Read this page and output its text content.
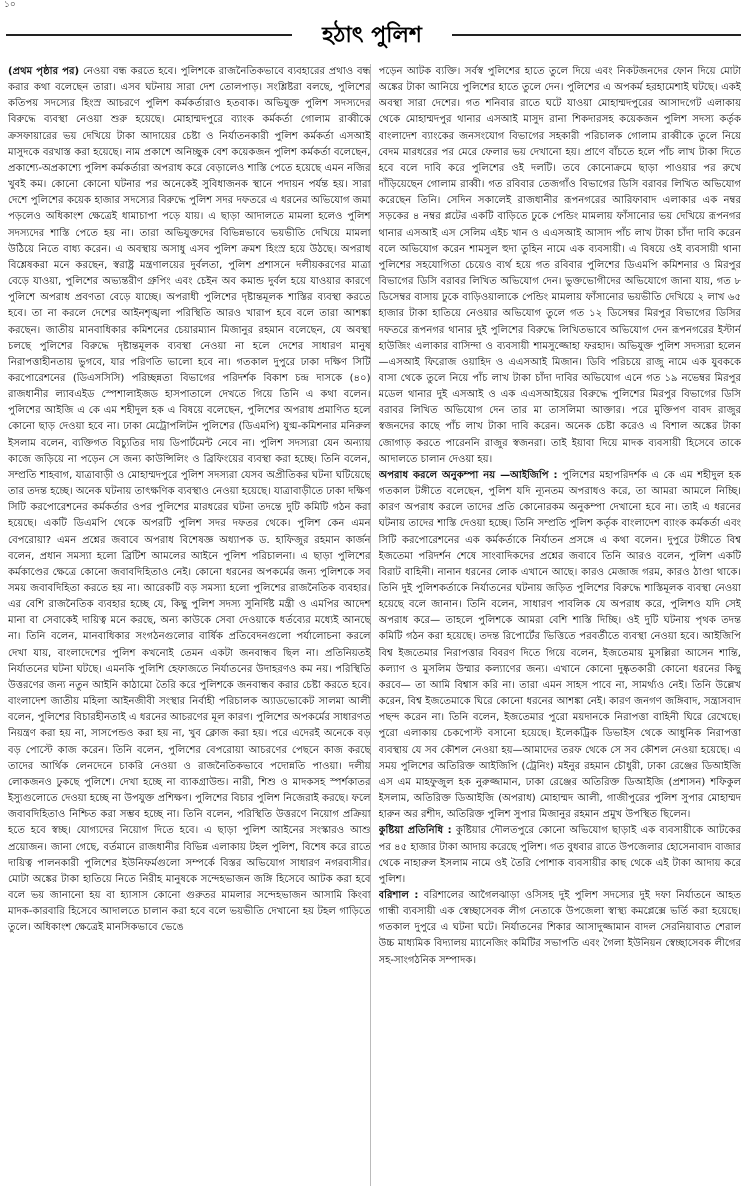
১০
হঠাৎ পুলিশ

(প্রথম পৃষ্ঠার পর) নেওয়া বন্ধ করতে হবে। পুলিশকে রাজনৈতিকভাবে ব্যবহারের প্রথাও বন্ধ করার কথা বলেছেন তারা। এসব ঘটনায় সারা দেশ তোলপাড়। সংশ্লিষ্টরা বলছে, পুলিশের কতিপয় সদস্যের হিংস্র আচরণে পুলিশ কর্মকর্তারাও হতবাক। অভিযুক্ত পুলিশ সদস্যদের বিরুদ্ধে ব্যবস্থা নেওয়া শুরু হয়েছে। মোহাম্মদপুরে ব্যাংক কর্মকর্তা গোলাম রাব্বীকে ক্রসফায়ারের ভয় দেখিয়ে টাকা আদায়ের চেষ্টা ও নির্যাতনকারী পুলিশ কর্মকর্তা এসআই মাসুদকে বরখাস্ত করা হয়েছে। নাম প্রকাশে অনিচ্ছুক বেশ কয়েকজন পুলিশ কর্মকর্তা বলেছেন, প্রকাশ্যে-অপ্রকাশ্যে পুলিশ কর্মকর্তারা অপরাধ করে বেড়ালেও শাস্তি পেতে হয়েছে এমন নজির খুবই কম। কোনো কোনো ঘটনার পর অনেকেই সুবিধাজনক স্থানে পদায়ন পর্যন্ত হয়। সারা দেশে পুলিশের কয়েক হাজার সদস্যের বিরুদ্ধে পুলিশ সদর দফতরে এ ধরনের অভিযোগ জমা পড়লেও অধিকাংশ ক্ষেত্রেই ধামাচাপা পড়ে যায়। এ ছাড়া আদালতে মামলা হলেও পুলিশ সদস্যদের শাস্তি পেতে হয় না। তারা অভিযুক্তদের বিভিন্নভাবে ভয়ভীতি দেখিয়ে মামলা উঠিয়ে নিতে বাধ্য করেন। এ অবস্থায় অসাধু এসব পুলিশ ক্রমশ হিংস্র হয়ে উঠছে। অপরাধ বিশ্লেষকরা মনে করছেন, স্বরাষ্ট্র মন্ত্রণালয়ের দুর্বলতা, পুলিশ প্রশাসনে দলীয়করণের মাত্রা বেড়ে যাওয়া, পুলিশের অভ্যন্তরীণ গ্রুপিং এবং চেইন অব কমান্ড দুর্বল হয়ে যাওয়ার কারণে পুলিশে অপরাধ প্রবণতা বেড়ে যাচ্ছে। অপরাধী পুলিশের দৃষ্টান্তমূলক শাস্তির ব্যবস্থা করতে হবে। তা না করলে দেশের আইনশৃঙ্খলা পরিস্থিতি আরও খারাপ হবে বলে তারা আশঙ্কা করছেন। জাতীয় মানবাধিকার কমিশনের চেয়ারম্যান মিজানুর রহমান বলেছেন, যে অবস্থা চলছে পুলিশের বিরুদ্ধে দৃষ্টান্তমূলক ব্যবস্থা নেওয়া না হলে দেশের সাধারণ মানুষ নিরাপত্তাহীনতায় ভুগবে, যার পরিণতি ভালো হবে না। গতকাল দুপুরে ঢাকা দক্ষিণ সিটি করপোরেশনের (ডিএসসিসি) পরিচ্ছন্নতা বিভাগের পরিদর্শক বিকাশ চন্দ্র দাসকে (৪০) রাজধানীর ল্যাবএইড স্পেশালাইজড হাসপাতালে দেখতে গিয়ে তিনি এ কথা বলেন। পুলিশের আইজি এ কে এম শহীদুল হক এ বিষয়ে বলেছেন, পুলিশের অপরাধ প্রমাণিত হলে কোনো ছাড় দেওয়া হবে না। ঢাকা মেট্রোপলিটন পুলিশের (ডিএমপি) যুগ্ম-কমিশনার মনিরুল ইসলাম বলেন, ব্যক্তিগত বিচ্যুতির দায় ডিপার্টমেন্ট নেবে না। পুলিশ সদস্যরা যেন অন্যায় কাজে জড়িয়ে না পড়েন সে জন্য কাউন্সিলিং ও ব্রিফিংয়ের ব্যবস্থা করা হচ্ছে। তিনি বলেন, সম্প্রতি শাহবাগ, যাত্রাবাড়ী ও মোহাম্মদপুরে পুলিশ সদস্যরা যেসব অপ্রীতিকর ঘটনা ঘটিয়েছে তার তদন্ত হচ্ছে। অনেক ঘটনায় তাৎক্ষণিক ব্যবস্থাও নেওয়া হয়েছে। যাত্রাবাড়ীতে ঢাকা দক্ষিণ সিটি করপোরেশনের কর্মকর্তার ওপর পুলিশের মারধরের ঘটনা তদন্তে দুটি কমিটি গঠন করা হয়েছে। একটি ডিএমপি থেকে অপরটি পুলিশ সদর দফতর থেকে। পুলিশ কেন এমন বেপরোয়া? এমন প্রশ্নের জবাবে অপরাধ বিশেষজ্ঞ অধ্যাপক ড. হাফিজুর রহমান কার্জন বলেন, প্রধান সমস্যা হলো ব্রিটিশ আমলের আইনে পুলিশ পরিচালনা। এ ছাড়া পুলিশের কর্মকাণ্ডের ক্ষেত্রে কোনো জবাবদিহিতাও নেই। কোনো ধরনের অপকর্মের জন্য পুলিশকে সব সময় জবাবদিহিতা করতে হয় না। আরেকটি বড় সমস্যা হলো পুলিশের রাজনৈতিক ব্যবহার। এর বেশি রাজনৈতিক ব্যবহার হচ্ছে যে, কিছু পুলিশ সদস্য সুনির্দিষ্ট মন্ত্রী ও এমপির আদেশ মানা বা সেবাকেই দায়িত্ব মনে করছে, অন্য কাউকে সেবা দেওয়াকে ধর্তব্যের মধ্যেই আনছে না। তিনি বলেন, মানবাধিকার সংগঠনগুলোর বার্ষিক প্রতিবেদনগুলো পর্যালোচনা করলে দেখা যায়, বাংলাদেশের পুলিশ কখনোই তেমন একটা জনবান্ধব ছিল না। প্রতিনিয়তই নির্যাতনের ঘটনা ঘটছে। এমনকি পুলিশি হেফাজতে নির্যাতনের উদাহরণও কম নয়। পরিস্থিতি উত্তরণের জন্য নতুন আইনি কাঠামো তৈরি করে পুলিশকে জনবান্ধব করার চেষ্টা করতে হবে। বাংলাদেশ জাতীয় মহিলা আইনজীবী সংস্থার নির্বাহী পরিচালক অ্যাডভোকেট সালমা আলী বলেন, পুলিশের বিচারহীনতাই এ ধরনের আচরণের মূল কারণ। পুলিশের অপকর্মের সাধারণত নিয়ন্ত্রণ করা হয় না, সাসপেন্ডও করা হয় না, খুব ক্লোজ করা হয়। পরে এদেরই অনেকে বড় বড় পোস্টে কাজ করেন। তিনি বলেন, পুলিশের বেপরোয়া আচরণের পেছনে কাজ করছে তাদের আর্থিক লেনদেনে চাকরি নেওয়া ও রাজনৈতিকভাবে পদোন্নতি পাওয়া। দলীয় লোকজনও ঢুকছে পুলিশে। দেখা হচ্ছে না ব্যাকগ্রাউন্ড। নারী, শিশু ও মাদকসহ স্পর্শকাতর ইস্যুগুলোতে দেওয়া হচ্ছে না উপযুক্ত প্রশিক্ষণ। পুলিশের বিচার পুলিশ নিজেরাই করছে। ফলে জবাবদিহিতাও নিশ্চিত করা সম্ভব হচ্ছে না। তিনি বলেন, পরিস্থিতি উত্তরণে নিয়োগ প্রক্রিয়া হতে হবে স্বচ্ছ। যোগ্যদের নিয়োগ দিতে হবে। এ ছাড়া পুলিশ আইনের সংস্কারও আশু প্রয়োজন। জানা গেছে, বর্তমানে রাজধানীর বিভিন্ন এলাকায় টহল পুলিশ, বিশেষ করে রাতে দায়িত্ব পালনকারী পুলিশের ইউনিফর্মগুলো সম্পর্কে বিস্তর অভিযোগ সাধারণ নগরবাসীর। মোটা অঙ্কের টাকা হাতিয়ে নিতে নিরীহ মানুষকে সন্দেহভাজন জঙ্গি হিসেবে আটক করা হবে বলে ভয় জানানো হয় বা হ্যাসাস কোনো গুরুতর মামলার সন্দেহভাজন আসামি কিংবা মাদক-কারবারি হিসেবে আদালতে চালান করা হবে বলে ভয়ভীতি দেখানো হয় টহল গাড়িতে তুলে। অধিকাংশ ক্ষেত্রেই মানসিকভাবে ভেঙে

পড়েন আটক ব্যক্তি। সর্বস্ব পুলিশের হাতে তুলে দিয়ে এবং নিকটজনদের ফোন দিয়ে মোটা অঙ্কের টাকা আনিয়ে পুলিশের হাতে তুলে দেন। পুলিশের এ অপকর্ম হরহামেশাই ঘটছে। একই অবস্থা সারা দেশের। গত শনিবার রাতে ঘটে যাওয়া মোহাম্মদপুরের আসাদগেট এলাকায় থেকে মোহাম্মদপুর থানার এসআই মাসুদ রানা শিকদারসহ কয়েকজন পুলিশ সদস্য কর্তৃক বাংলাদেশ ব্যাংকের জনসংযোগ বিভাগের সহকারী পরিচালক গোলাম রাব্বীকে তুলে নিয়ে বেদম মারধরের পর মেরে ফেলার ভয় দেখানো হয়। প্রাণে বাঁচতে হলে পাঁচ লাখ টাকা দিতে হবে বলে দাবি করে পুলিশের ওই দলটি। তবে কোনোক্রমে ছাড়া পাওয়ার পর রুখে দাঁড়িয়েছেন গোলাম রাব্বী। গত রবিবার তেজগাঁও বিভাগের ডিসি বরাবর লিখিত অভিযোগ করেছেন তিনি। সেদিন সকালেই রাজধানীর রূপনগরের আরিফাবাদ এলাকার এক নম্বর সড়কের ৪ নম্বর প্লটের একটি বাড়িতে ঢুকে পেন্ডিং মামলায় ফাঁসানোর ভয় দেখিয়ে রূপনগর থানার এসআই এস সেলিম এইচ খান ও এএসআই আসাদ পাঁচ লাখ টাকা চাঁদা দাবি করেন বলে অভিযোগ করেন শামসুল হুদা তুহিন নামে এক ব্যবসায়ী। এ বিষয়ে ওই ব্যবসায়ী থানা পুলিশের সহযোগিতা চেয়েও ব্যর্থ হয়ে গত রবিবার পুলিশের ডিএমপি কমিশনার ও মিরপুর বিভাগের ডিসি বরাবর লিখিত অভিযোগ দেন। ভুক্তভোগীদের অভিযোগে জানা যায়, গত ৮ ডিসেম্বর বাসায় ঢুকে বাড়িওয়ালাকে পেন্ডিং মামলায় ফাঁসানোর ভয়ভীতি দেখিয়ে ২ লাখ ৬৫ হাজার টাকা হাতিয়ে নেওয়ার অভিযোগ তুলে গত ১২ ডিসেম্বর মিরপুর বিভাগের ডিসির দফতরে রূপনগর থানার দুই পুলিশের বিরুদ্ধে লিখিতভাবে অভিযোগ দেন রূপনগরের ইস্টার্ন হাউজিং এলাকার বাসিন্দা ও ব্যবসায়ী শামসুজ্জোহা ফরহাদ। অভিযুক্ত পুলিশ সদস্যরা হলেন—এসআই ফিরোজ ওয়াহিদ ও এএসআই মিজান। ডিবি পরিচয়ে রাজু নামে এক যুবককে বাসা থেকে তুলে নিয়ে পাঁচ লাখ টাকা চাঁদা দাবির অভিযোগ এনে গত ১৯ নভেম্বর মিরপুর মডেল থানার দুই এসআই ও এক এএসআইয়ের বিরুদ্ধে পুলিশের মিরপুর বিভাগের ডিসি বরাবর লিখিত অভিযোগ দেন তার মা তাসলিমা আক্তার। পরে মুক্তিপণ বাবদ রাজুর স্বজনদের কাছে পাঁচ লাখ টাকা দাবি করেন। অনেক চেষ্টা করেও এ বিশাল অঙ্কের টাকা জোগাড় করতে পারেননি রাজুর স্বজনরা। তাই ইয়াবা দিয়ে মাদক ব্যবসায়ী হিসেবে তাকে আদালতে চালান দেওয়া হয়।

অপরাধ করলে অনুকম্পা নয় —আইজিপি : পুলিশের মহাপরিদর্শক এ কে এম শহীদুল হক গতকাল টঙ্গীতে বলেছেন, পুলিশ যদি ন্যূনতম অপরাধও করে, তা আমরা আমলে নিচ্ছি। কারণ অপরাধ করলে তাদের প্রতি কোনোরকম অনুকম্পা দেখানো হবে না। তাই এ ধরনের ঘটনায় তাদের শাস্তি দেওয়া হচ্ছে। তিনি সম্প্রতি পুলিশ কর্তৃক বাংলাদেশ ব্যাংক কর্মকর্তা এবং সিটি করপোরেশনের এক কর্মকর্তাকে নির্যাতন প্রসঙ্গে এ কথা বলেন। দুপুরে টঙ্গীতে বিশ্ব ইজতেমা পরিদর্শন শেষে সাংবাদিকদের প্রশ্নের জবাবে তিনি আরও বলেন, পুলিশ একটি বিরাট বাহিনী। নানান ধরনের লোক এখানে আছে। কারও মেজাজ গরম, কারও ঠাণ্ডা থাকে। তিনি দুই পুলিশকর্তাকে নির্যাতনের ঘটনায় জড়িত পুলিশের বিরুদ্ধে শাস্তিমূলক ব্যবস্থা নেওয়া হয়েছে বলে জানান। তিনি বলেন, সাধারণ পাবলিক যে অপরাধ করে, পুলিশও যদি সেই অপরাধ করে— তাহলে পুলিশকে আমরা বেশি শাস্তি দিচ্ছি। ওই দুটি ঘটনায় পৃথক তদন্ত কমিটি গঠন করা হয়েছে। তদন্ত রিপোর্টের ভিত্তিতে পরবর্তীতে ব্যবস্থা নেওয়া হবে। আইজিপি বিশ্ব ইজতেমার নিরাপত্তার বিবরণ দিতে গিয়ে বলেন, ইজতেমায় মুসল্লিরা আসেন শান্তি, কল্যাণ ও মুসলিম উম্মার কল্যাণের জন্য। এখানে কোনো দুষ্কৃতকারী কোনো ধরনের কিছু করবে— তা আমি বিশ্বাস করি না। তারা এমন সাহস পাবে না, সামর্থ্যও নেই। তিনি উল্লেখ করেন, বিশ্ব ইজতেমাকে ঘিরে কোনো ধরনের আশঙ্কা নেই। কারণ জনগণ জঙ্গিবাদ, সন্ত্রাসবাদ পছন্দ করেন না। তিনি বলেন, ইজতেমার পুরো ময়দানকে নিরাপত্তা বাহিনী ঘিরে রেখেছে। পুরো এলাকায় চেকপোস্ট বসানো হয়েছে। ইলেকট্রিক ডিভাইস থেকে আধুনিক নিরাপত্তা ব্যবস্থায় যে সব কৌশল নেওয়া হয়—আমাদের তরফ থেকে সে সব কৌশল নেওয়া হয়েছে। এ সময় পুলিশের অতিরিক্ত আইজিপি (ট্রেনিং) মইনুর রহমান চৌধুরী, ঢাকা রেঞ্জের ডিআইজি এস এম মাহফুজুল হক নুরুজ্জামান, ঢাকা রেঞ্জের অতিরিক্ত ডিআইজি (প্রশাসন) শফিকুল ইসলাম, অতিরিক্ত ডিআইজি (অপরাধ) মোহাম্মদ আলী, গাজীপুরের পুলিশ সুপার মোহাম্মদ হারুন অর রশীদ, অতিরিক্ত পুলিশ সুপার মিজানুর রহমান প্রমুখ উপস্থিত ছিলেন।

কুষ্টিয়া প্রতিনিধি : কুষ্টিয়ার দৌলতপুরে কোনো অভিযোগ ছাড়াই এক ব্যবসায়ীকে আটকের পর ৪৫ হাজার টাকা আদায় করেছে পুলিশ। গত বুধবার রাতে উপজেলার হোসেনাবাদ বাজার থেকে নাহারুল ইসলাম নামে ওই তৈরি পোশাক ব্যবসায়ীর কাছ থেকে এই টাকা আদায় করে পুলিশ।

বরিশাল : বরিশালের আগৈলঝাড়া ওসিসহ দুই পুলিশ সদস্যের দুই দফা নির্যাতনে আহত গান্ধী ব্যবসায়ী এক স্বেচ্ছাসেবক লীগ নেতাকে উপজেলা স্বাস্থ্য কমপ্লেক্সে ভর্তি করা হয়েছে। গতকাল দুপুরে এ ঘটনা ঘটে। নির্যাতনের শিকার আসাদুজ্জামান বাদল সেরনিয়াবাত শেরাল উচ্চ মাধ্যমিক বিদ্যালয় ম্যানেজিং কমিটির সভাপতি এবং গৈলা ইউনিয়ন স্বেচ্ছাসেবক লীগের সহ-সাংগঠনিক সম্পাদক।
